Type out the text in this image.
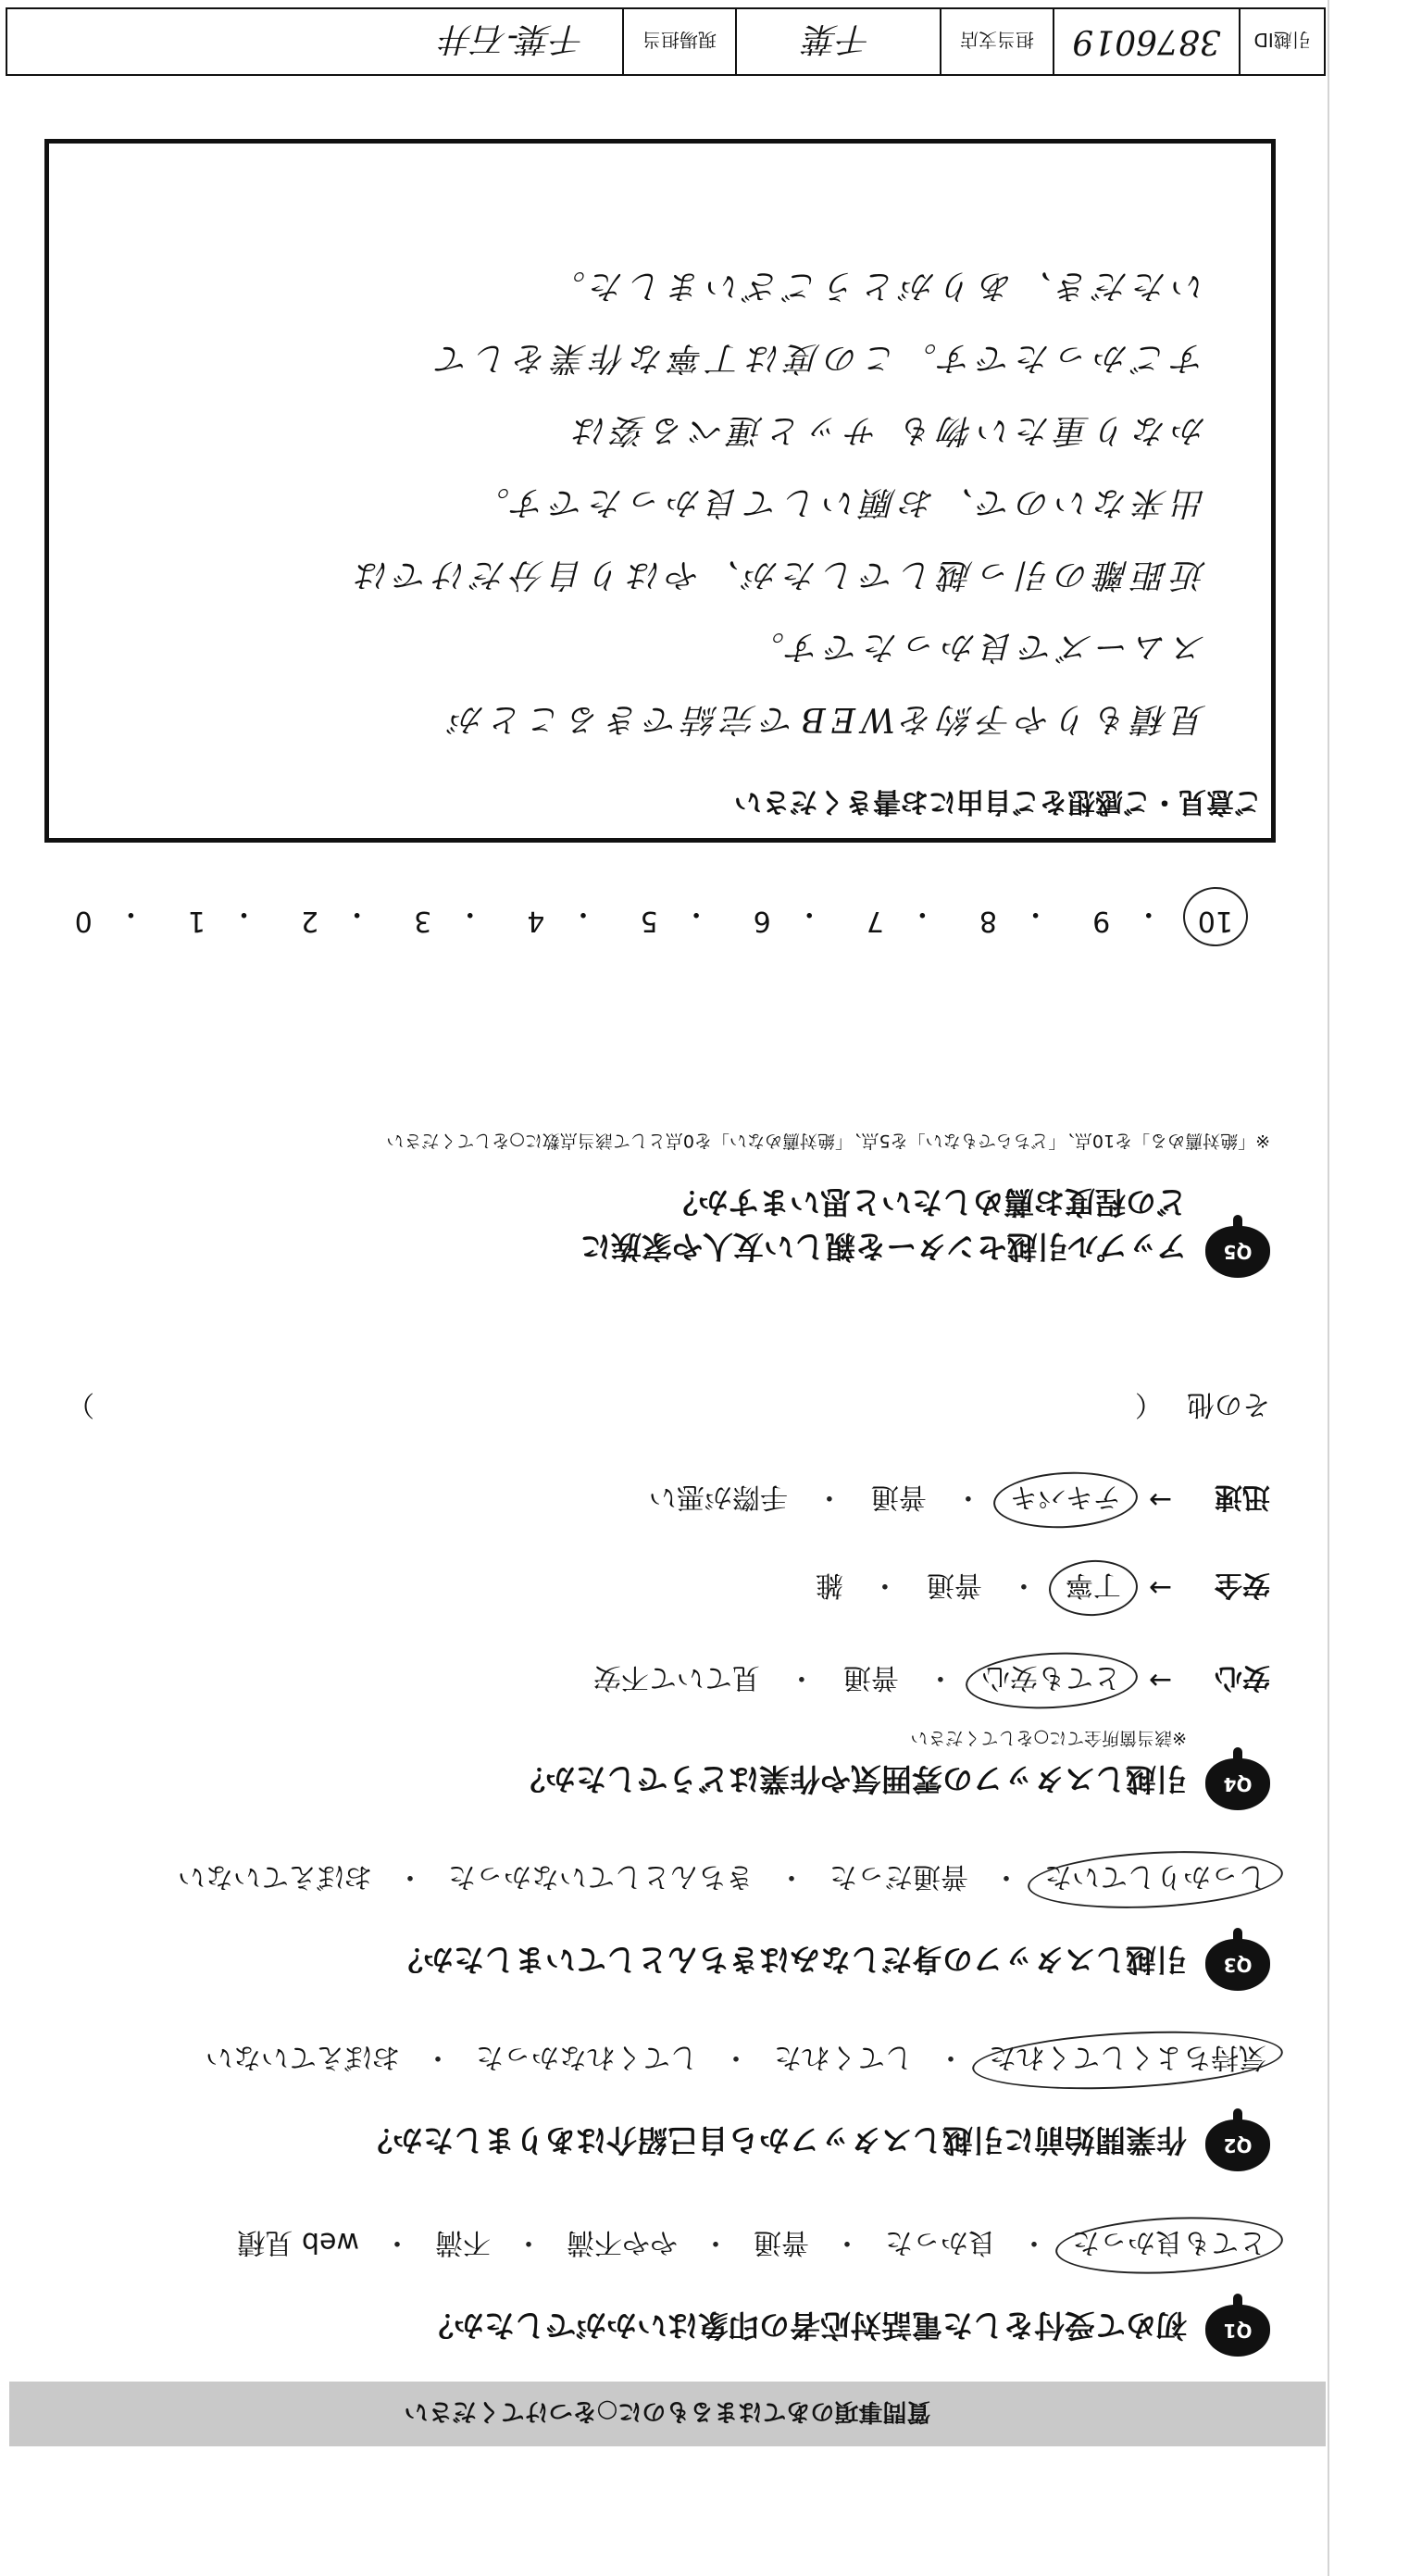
質問事項のあてはまるものに○をつけてください
Q1
初めて受付をした電話対応者の印象はいかがでしたか？
とても良かった
・
良かった
・
普通
・
やや不満
・
不満
・
web 見積
Q2
作業開始前に引越しスタッフから自己紹介はありましたか？
気持ちよくしてくれた
・
してくれた
・
してくれなかった
・
おぼえていない
Q3
引越しスタッフの身だしなみはきちんとしていましたか？
しっかりしていた
・
普通だった
・
きちんとしていなかった
・
おぼえていない
Q4
引越しスタッフの雰囲気や作業はどうでしたか？
※該当箇所全てに○をしてください
安心
→
とても安心
・
普通
・
見ていて不安
安全
→
丁寧
・
普通
・
雑
迅速
→
テキパキ
・
普通
・
手際が悪い
その他
（
）
Q5
アップル引越センターを親しい友人や家族に
どの程度お薦めしたいと思いますか？
※「絶対薦める」を10点、「どちらでもない」を5点、「絶対薦めない」を0点として該当点数に○をしてください
10
・
9
・
8
・
7
・
6
・
5
・
4
・
3
・
2
・
1
・
0
ご意見・ご感想をご自由にお書きください
見積もりや予約をWEBで完結できることが
スムーズで良かったです。
近距離の引っ越しでしたが、やはり自分だけでは
出来ないので、お願いして良かったです。
かなり重たい物も サッと運べる姿は
すごかったです。この度は丁寧な作業をして
いただき、ありがとうございました。
引越ID
3876019
担当支店
千葉
現場担当
千葉-石井
